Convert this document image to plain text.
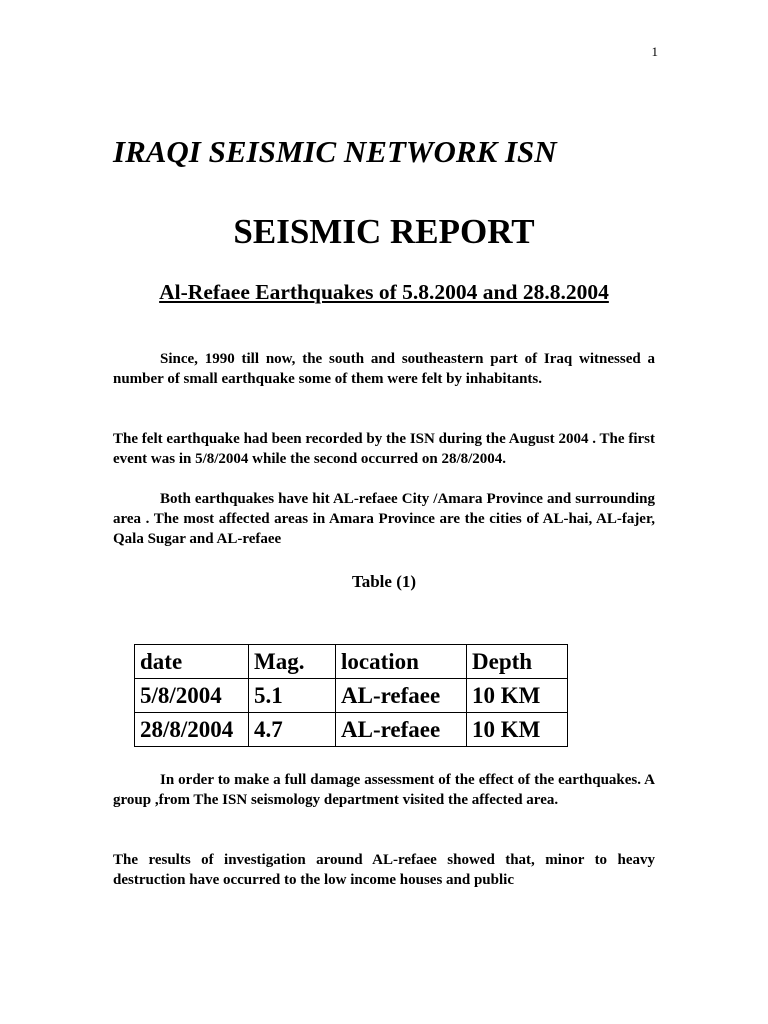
1
IRAQI SEISMIC NETWORK ISN
SEISMIC REPORT
Al-Refaee Earthquakes of 5.8.2004 and 28.8.2004

Since, 1990 till now, the south and southeastern part of Iraq witnessed a number of small earthquake some of them were felt by inhabitants.

The felt earthquake had been recorded by the ISN during the August 2004 . The first event was in 5/8/2004 while the second occurred on 28/8/2004.

Both earthquakes have hit AL-refaee City /Amara Province and surrounding area . The most affected areas in Amara Province are the cities of AL-hai, AL-fajer, Qala Sugar and AL-refaee

Table (1)
date	Mag.	location	Depth
5/8/2004	5.1	AL-refaee	10 KM
28/8/2004	4.7	AL-refaee	10 KM

In order to make a full damage assessment of the effect of the earthquakes. A group ,from The ISN seismology department visited the affected area.

The results of investigation around AL-refaee showed that, minor to heavy destruction have occurred to the low income houses and public
